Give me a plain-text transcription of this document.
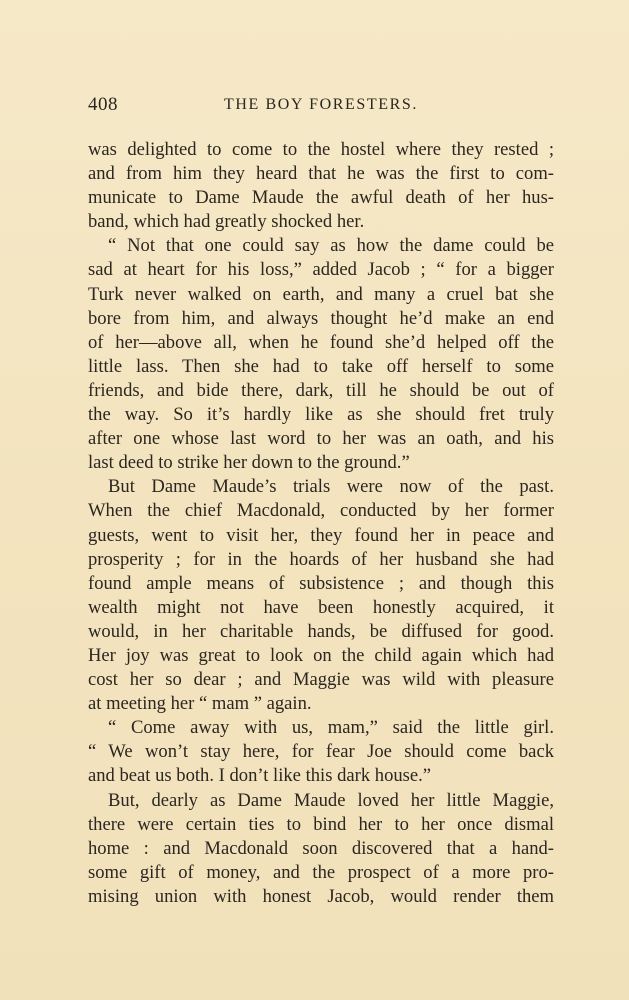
408	THE BOY FORESTERS.
was delighted to come to the hostel where they rested ;
and from him they heard that he was the first to com-
municate to Dame Maude the awful death of her hus-
band, which had greatly shocked her.
“ Not that one could say as how the dame could be
sad at heart for his loss,” added Jacob ; “ for a bigger
Turk never walked on earth, and many a cruel bat she
bore from him, and always thought he’d make an end
of her—above all, when he found she’d helped off the
little lass. Then she had to take off herself to some
friends, and bide there, dark, till he should be out of
the way. So it’s hardly like as she should fret truly
after one whose last word to her was an oath, and his
last deed to strike her down to the ground.”
But Dame Maude’s trials were now of the past.
When the chief Macdonald, conducted by her former
guests, went to visit her, they found her in peace and
prosperity ; for in the hoards of her husband she had
found ample means of subsistence ; and though this
wealth might not have been honestly acquired, it
would, in her charitable hands, be diffused for good.
Her joy was great to look on the child again which had
cost her so dear ; and Maggie was wild with pleasure
at meeting her “ mam ” again.
“ Come away with us, mam,” said the little girl.
“ We won’t stay here, for fear Joe should come back
and beat us both. I don’t like this dark house.”
But, dearly as Dame Maude loved her little Maggie,
there were certain ties to bind her to her once dismal
home : and Macdonald soon discovered that a hand-
some gift of money, and the prospect of a more pro-
mising union with honest Jacob, would render them
